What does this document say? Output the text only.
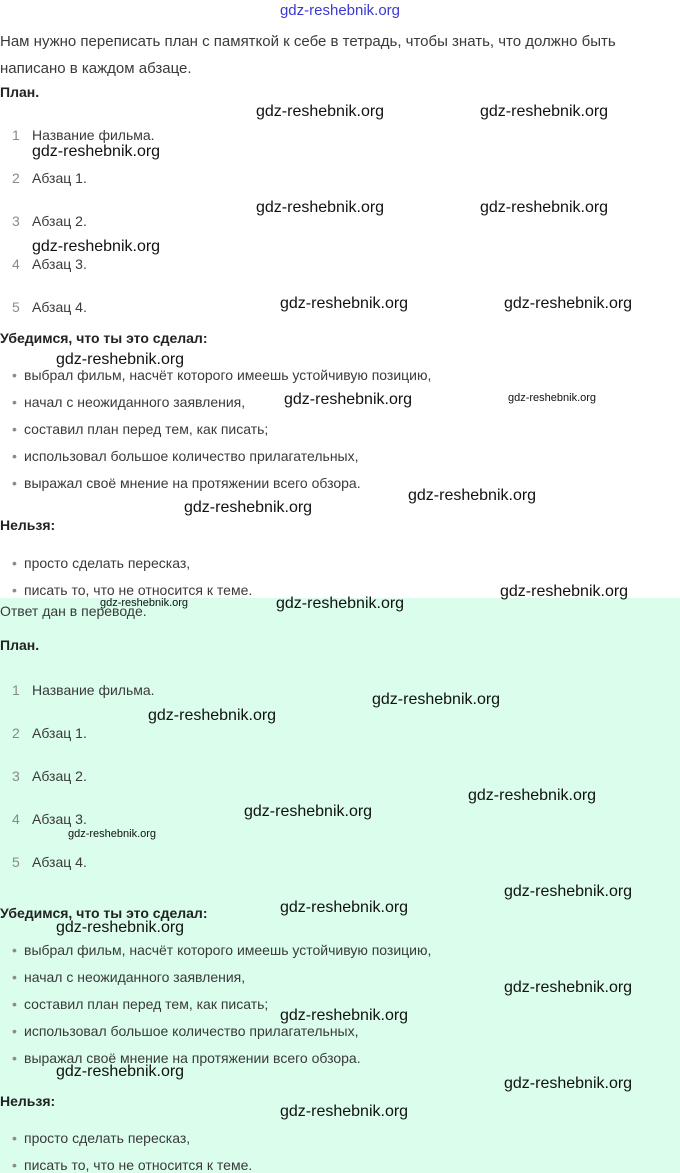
gdz-reshebnik.org
Нам нужно переписать план с памяткой к себе в тетрадь, чтобы знать, что должно быть написано в каждом абзаце.
План.
1 Название фильма.
2 Абзац 1.
3 Абзац 2.
4 Абзац 3.
5 Абзац 4.
Убедимся, что ты это сделал:
• выбрал фильм, насчёт которого имеешь устойчивую позицию,
• начал с неожиданного заявления,
• составил план перед тем, как писать;
• использовал большое количество прилагательных,
• выражал своё мнение на протяжении всего обзора.
Нельзя:
• просто сделать пересказ,
• писать то, что не относится к теме.
Ответ дан в переводе.
План.
1 Название фильма.
2 Абзац 1.
3 Абзац 2.
4 Абзац 3.
5 Абзац 4.
Убедимся, что ты это сделал:
• выбрал фильм, насчёт которого имеешь устойчивую позицию,
• начал с неожиданного заявления,
• составил план перед тем, как писать;
• использовал большое количество прилагательных,
• выражал своё мнение на протяжении всего обзора.
Нельзя:
• просто сделать пересказ,
• писать то, что не относится к теме.
gdz-reshebnik.org	gdz-reshebnik.org
gdz-reshebnik.org
gdz-reshebnik.org	gdz-reshebnik.org
gdz-reshebnik.org
gdz-reshebnik.org	gdz-reshebnik.org
gdz-reshebnik.org
gdz-reshebnik.org	gdz-reshebnik.org
gdz-reshebnik.org
gdz-reshebnik.org
gdz-reshebnik.org
gdz-reshebnik.org	gdz-reshebnik.org
gdz-reshebnik.org
gdz-reshebnik.org
gdz-reshebnik.org
gdz-reshebnik.org
gdz-reshebnik.org
gdz-reshebnik.org
gdz-reshebnik.org
gdz-reshebnik.org
gdz-reshebnik.org
gdz-reshebnik.org
gdz-reshebnik.org
gdz-reshebnik.org
gdz-reshebnik.org
